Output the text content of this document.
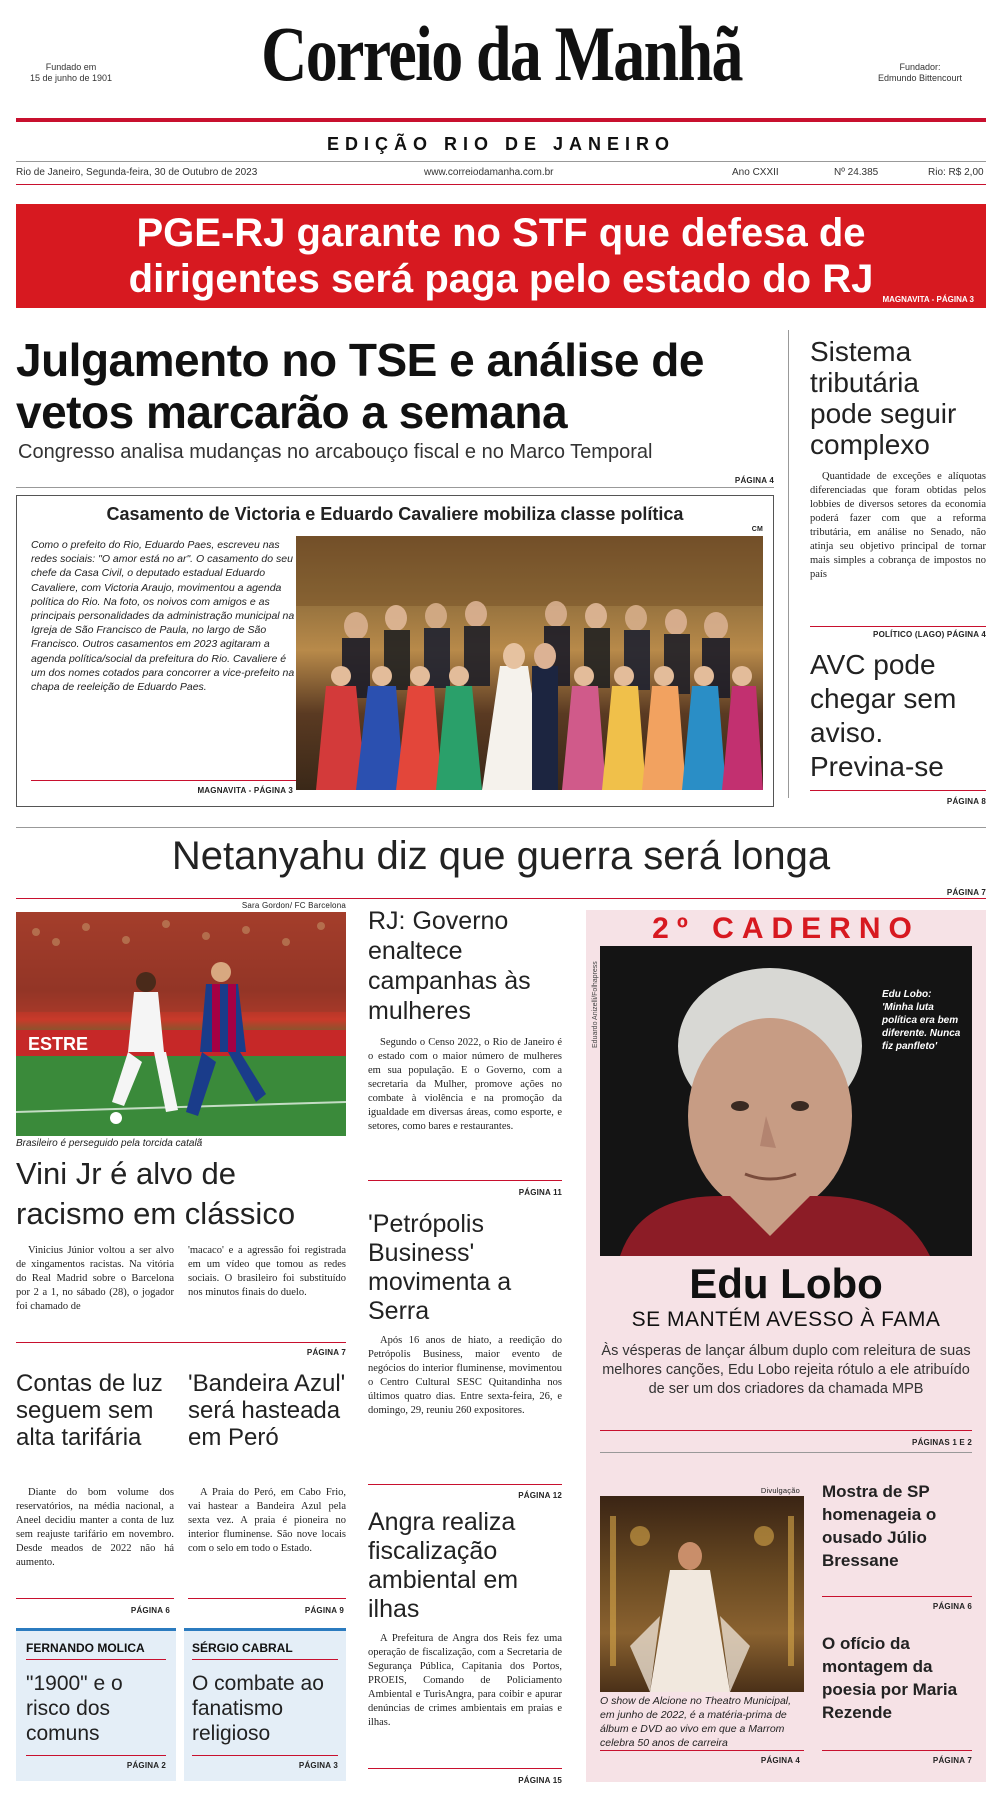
Fundado em
15 de junho de 1901	Correio da Manhã	Fundador:
Edmundo Bittencourt
EDIÇÃO RIO DE JANEIRO
Rio de Janeiro, Segunda-feira, 30 de Outubro de 2023	www.correiodamanha.com.br	Ano CXXII	Nº 24.385	Rio: R$ 2,00
PGE-RJ garante no STF que defesa de dirigentes será paga pelo estado do RJ	MAGNAVITA - PÁGINA 3
Julgamento no TSE e análise de vetos marcarão a semana
Congresso analisa mudanças no arcabouço fiscal e no Marco Temporal
PÁGINA 4
Casamento de Victoria e Eduardo Cavaliere mobiliza classe política
Como o prefeito do Rio, Eduardo Paes, escreveu nas redes sociais: "O amor está no ar". O casamento do seu chefe da Casa Civil, o deputado estadual Eduardo Cavaliere, com Victoria Araujo, movimentou a agenda política do Rio. Na foto, os noivos com amigos e as principais personalidades da administração municipal na Igreja de São Francisco de Paula, no largo de São Francisco. Outros casamentos em 2023 agitaram a agenda política/social da prefeitura do Rio. Cavaliere é um dos nomes cotados para concorrer a vice-prefeito na chapa de reeleição de Eduardo Paes.
MAGNAVITA - PÁGINA 3
CM
Sistema tributária pode seguir complexo
Quantidade de exceções e alíquotas diferenciadas que foram obtidas pelos lobbies de diversos setores da economia poderá fazer com que a reforma tributária, em análise no Senado, não atinja seu objetivo principal de tornar mais simples a cobrança de impostos no país
POLÍTICO (LAGO) PÁGINA 4
AVC pode chegar sem aviso. Previna-se
PÁGINA 8
Netanyahu diz que guerra será longa
PÁGINA 7
Sara Gordon/ FC Barcelona
ESTRE
Brasileiro é perseguido pela torcida catalã
Vini Jr é alvo de racismo em clássico
Vinicius Júnior voltou a ser alvo de xingamentos racistas. Na vitória do Real Madrid sobre o Barcelona por 2 a 1, no sábado (28), o jogador foi chamado de
'macaco' e a agressão foi registrada em um vídeo que tomou as redes sociais. O brasileiro foi substituído nos minutos finais do duelo.
PÁGINA 7
Contas de luz seguem sem alta tarifária
Diante do bom volume dos reservatórios, na média nacional, a Aneel decidiu manter a conta de luz sem reajuste tarifário em novembro. Desde meados de 2022 não há aumento.
PÁGINA 6
'Bandeira Azul' será hasteada em Peró
A Praia do Peró, em Cabo Frio, vai hastear a Bandeira Azul pela sexta vez. A praia é pioneira no interior fluminense. São nove locais com o selo em todo o Estado.
PÁGINA 9
FERNANDO MOLICA
"1900" e o risco dos comuns
PÁGINA 2
SÉRGIO CABRAL
O combate ao fanatismo religioso
PÁGINA 3
RJ: Governo enaltece campanhas às mulheres
Segundo o Censo 2022, o Rio de Janeiro é o estado com o maior número de mulheres em sua população. E o Governo, com a secretaria da Mulher, promove ações no combate à violência e na promoção da igualdade em diversas áreas, como esporte, e setores, como bares e restaurantes.
PÁGINA 11
'Petrópolis Business' movimenta a Serra
Após 16 anos de hiato, a reedição do Petrópolis Business, maior evento de negócios do interior fluminense, movimentou o Centro Cultural SESC Quitandinha nos últimos quatro dias. Entre sexta-feira, 26, e domingo, 29, reuniu 260 expositores.
PÁGINA 12
Angra realiza fiscalização ambiental em ilhas
A Prefeitura de Angra dos Reis fez uma operação de fiscalização, com a Secretaria de Segurança Pública, Capitania dos Portos, PROEIS, Comando de Policiamento Ambiental e TurisAngra, para coibir e apurar denúncias de crimes ambientais em praias e ilhas.
PÁGINA 15
2º CADERNO
Eduardo Anizelli/Folhapress	Edu Lobo: 'Minha luta política era bem diferente. Nunca fiz panfleto'
Edu Lobo
SE MANTÉM AVESSO À FAMA
Às vésperas de lançar álbum duplo com releitura de suas melhores canções, Edu Lobo rejeita rótulo a ele atribuído de ser um dos criadores da chamada MPB
PÁGINAS 1 E 2
Divulgação
O show de Alcione no Theatro Municipal, em junho de 2022, é a matéria-prima de álbum e DVD ao vivo em que a Marrom celebra 50 anos de carreira
PÁGINA 4
Mostra de SP homenageia o ousado Júlio Bressane
PÁGINA 6
O ofício da montagem da poesia por Maria Rezende
PÁGINA 7
